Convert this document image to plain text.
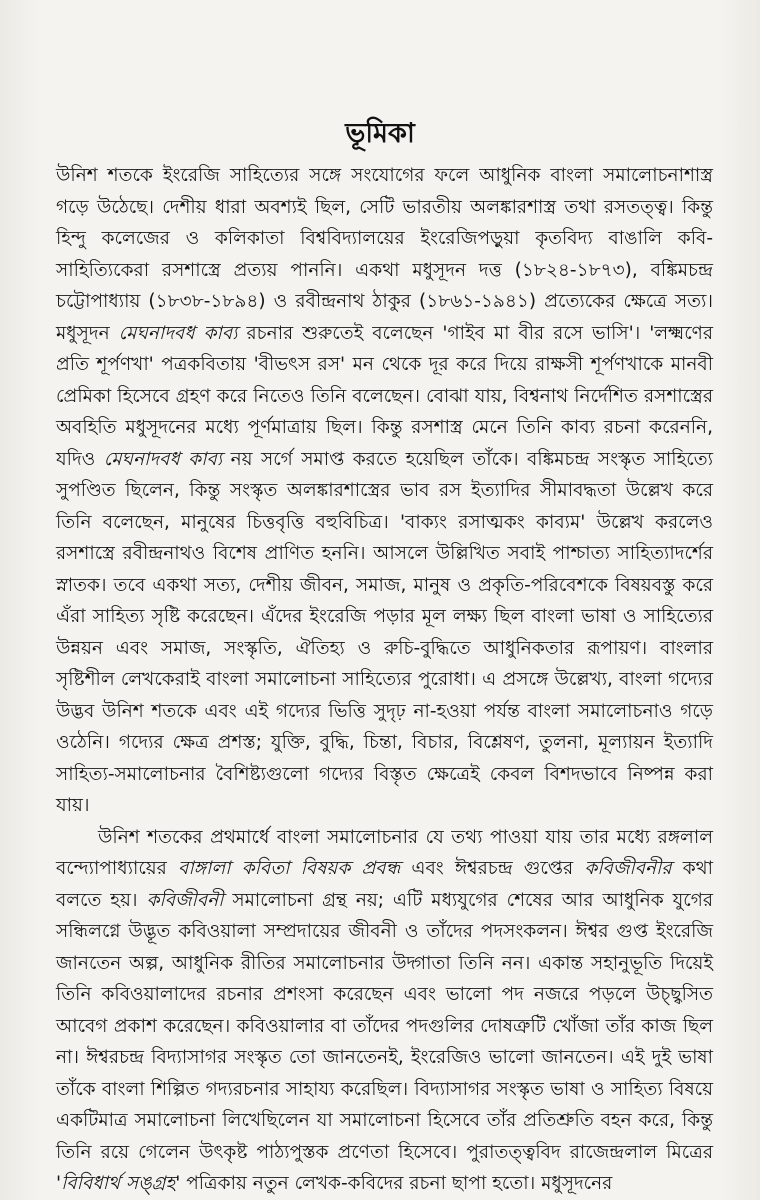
ভূমিকা

উনিশ শতকে ইংরেজি সাহিত্যের সঙ্গে সংযোগের ফলে আধুনিক বাংলা সমালোচনাশাস্ত্র গড়ে উঠেছে। দেশীয় ধারা অবশ্যই ছিল, সেটি ভারতীয় অলঙ্কারশাস্ত্র তথা রসতত্ত্ব। কিন্তু হিন্দু কলেজের ও কলিকাতা বিশ্ববিদ্যালয়ের ইংরেজিপড়ুয়া কৃতবিদ্য বাঙালি কবি-সাহিত্যিকেরা রসশাস্ত্রে প্রত্যয় পাননি। একথা মধুসূদন দত্ত (১৮২৪-১৮৭৩), বঙ্কিমচন্দ্র চট্টোপাধ্যায় (১৮৩৮-১৮৯৪) ও রবীন্দ্রনাথ ঠাকুর (১৮৬১-১৯৪১) প্রত্যেকের ক্ষেত্রে সত্য। মধুসূদন মেঘনাদবধ কাব্য রচনার শুরুতেই বলেছেন 'গাইব মা বীর রসে ভাসি'। 'লক্ষ্মণের প্রতি শূর্পণখা' পত্রকবিতায় 'বীভৎস রস' মন থেকে দূর করে দিয়ে রাক্ষসী শূর্পণখাকে মানবী প্রেমিকা হিসেবে গ্রহণ করে নিতেও তিনি বলেছেন। বোঝা যায়, বিশ্বনাথ নির্দেশিত রসশাস্ত্রের অবহিতি মধুসূদনের মধ্যে পূর্ণমাত্রায় ছিল। কিন্তু রসশাস্ত্র মেনে তিনি কাব্য রচনা করেননি, যদিও মেঘনাদবধ কাব্য নয় সর্গে সমাপ্ত করতে হয়েছিল তাঁকে। বঙ্কিমচন্দ্র সংস্কৃত সাহিত্যে সুপণ্ডিত ছিলেন, কিন্তু সংস্কৃত অলঙ্কারশাস্ত্রের ভাব রস ইত্যাদির সীমাবদ্ধতা উল্লেখ করে তিনি বলেছেন, মানুষের চিত্তবৃত্তি বহুবিচিত্র। 'বাক্যং রসাত্মকং কাব্যম' উল্লেখ করলেও রসশাস্ত্রে রবীন্দ্রনাথও বিশেষ প্রাণিত হননি। আসলে উল্লিখিত সবাই পাশ্চাত্য সাহিত্যাদর্শের স্নাতক। তবে একথা সত্য, দেশীয় জীবন, সমাজ, মানুষ ও প্রকৃতি-পরিবেশকে বিষয়বস্তু করে এঁরা সাহিত্য সৃষ্টি করেছেন। এঁদের ইংরেজি পড়ার মূল লক্ষ্য ছিল বাংলা ভাষা ও সাহিত্যের উন্নয়ন এবং সমাজ, সংস্কৃতি, ঐতিহ্য ও রুচি-বুদ্ধিতে আধুনিকতার রূপায়ণ। বাংলার সৃষ্টিশীল লেখকেরাই বাংলা সমালোচনা সাহিত্যের পুরোধা। এ প্রসঙ্গে উল্লেখ্য, বাংলা গদ্যের উদ্ভব উনিশ শতকে এবং এই গদ্যের ভিত্তি সুদৃঢ় না-হওয়া পর্যন্ত বাংলা সমালোচনাও গড়ে ওঠেনি। গদ্যের ক্ষেত্র প্রশস্ত; যুক্তি, বুদ্ধি, চিন্তা, বিচার, বিশ্লেষণ, তুলনা, মূল্যায়ন ইত্যাদি সাহিত্য-সমালোচনার বৈশিষ্ট্যগুলো গদ্যের বিস্তৃত ক্ষেত্রেই কেবল বিশদভাবে নিষ্পন্ন করা যায়।

উনিশ শতকের প্রথমার্ধে বাংলা সমালোচনার যে তথ্য পাওয়া যায় তার মধ্যে রঙ্গলাল বন্দ্যোপাধ্যায়ের বাঙ্গালা কবিতা বিষয়ক প্রবন্ধ এবং ঈশ্বরচন্দ্র গুপ্তের কবিজীবনীর কথা বলতে হয়। কবিজীবনী সমালোচনা গ্রন্থ নয়; এটি মধ্যযুগের শেষের আর আধুনিক যুগের সন্ধিলগ্নে উদ্ভূত কবিওয়ালা সম্প্রদায়ের জীবনী ও তাঁদের পদসংকলন। ঈশ্বর গুপ্ত ইংরেজি জানতেন অল্প, আধুনিক রীতির সমালোচনার উদ্গাতা তিনি নন। একান্ত সহানুভূতি দিয়েই তিনি কবিওয়ালাদের রচনার প্রশংসা করেছেন এবং ভালো পদ নজরে পড়লে উচ্ছ্বসিত আবেগ প্রকাশ করেছেন। কবিওয়ালার বা তাঁদের পদগুলির দোষত্রুটি খোঁজা তাঁর কাজ ছিল না। ঈশ্বরচন্দ্র বিদ্যাসাগর সংস্কৃত তো জানতেনই, ইংরেজিও ভালো জানতেন। এই দুই ভাষা তাঁকে বাংলা শিল্পিত গদ্যরচনার সাহায্য করেছিল। বিদ্যাসাগর সংস্কৃত ভাষা ও সাহিত্য বিষয়ে একটিমাত্র সমালোচনা লিখেছিলেন যা সমালোচনা হিসেবে তাঁর প্রতিশ্রুতি বহন করে, কিন্তু তিনি রয়ে গেলেন উৎকৃষ্ট পাঠ্যপুস্তক প্রণেতা হিসেবে। পুরাতত্ত্ববিদ রাজেন্দ্রলাল মিত্রের 'বিবিধার্থ সঙ্গ্রহ' পত্রিকায় নতুন লেখক-কবিদের রচনা ছাপা হতো। মধুসূদনের
